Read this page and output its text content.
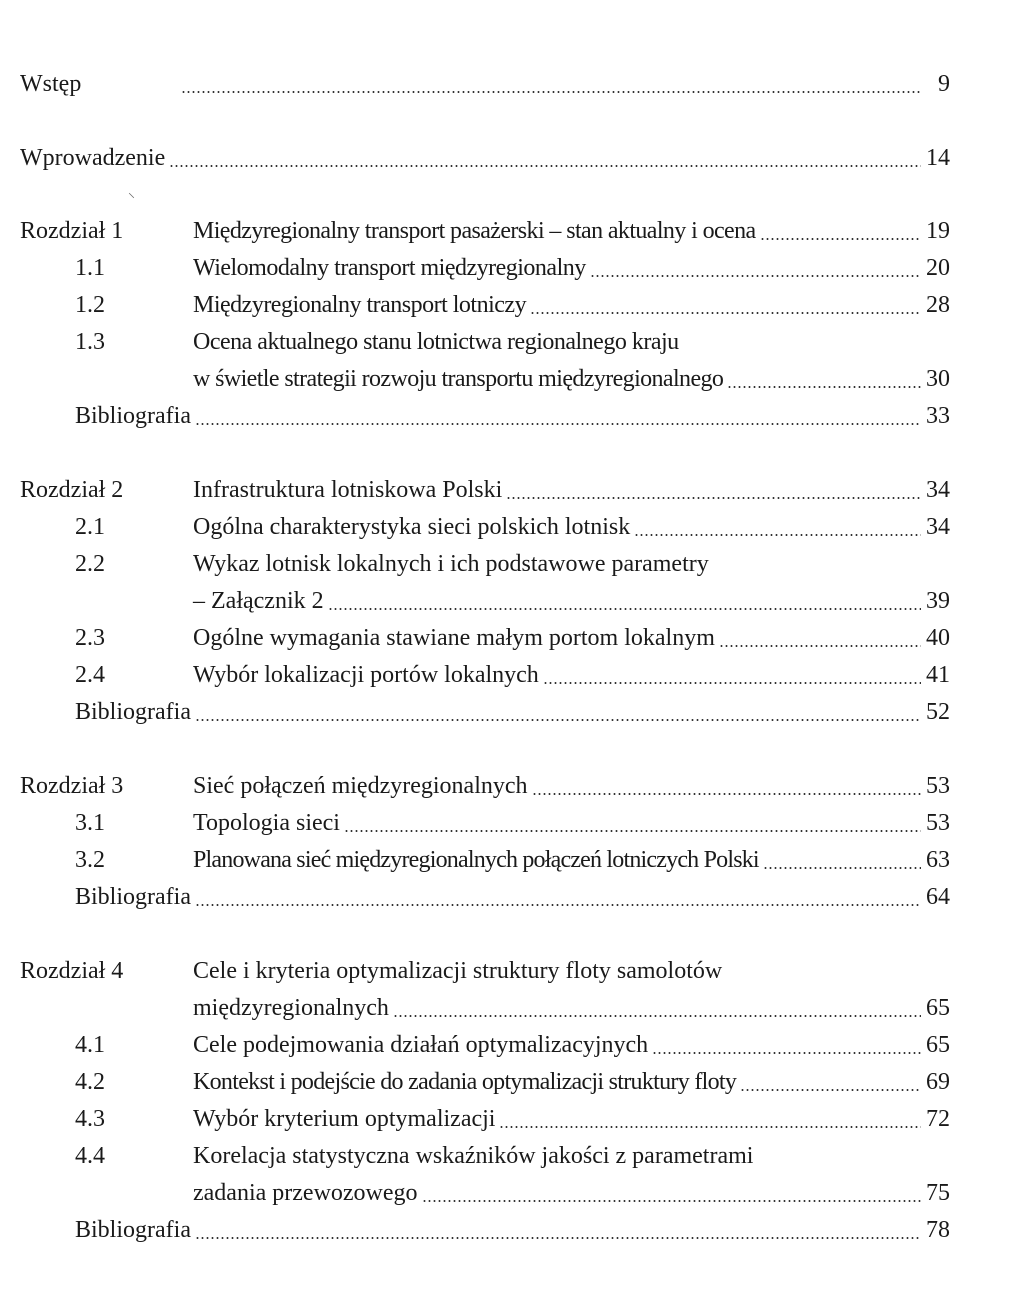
⸜
Wstęp	9
Wprowadzenie	14
Rozdział 1	Międzyregionalny transport pasażerski – stan aktualny i ocena	19
1.1	Wielomodalny transport międzyregionalny	20
1.2	Międzyregionalny transport lotniczy	28
1.3	Ocena aktualnego stanu lotnictwa regionalnego kraju
w świetle strategii rozwoju transportu międzyregionalnego	30
Bibliografia	33
Rozdział 2	Infrastruktura lotniskowa Polski	34
2.1	Ogólna charakterystyka sieci polskich lotnisk	34
2.2	Wykaz lotnisk lokalnych i ich podstawowe parametry
– Załącznik 2	39
2.3	Ogólne wymagania stawiane małym portom lokalnym	40
2.4	Wybór lokalizacji portów lokalnych	41
Bibliografia	52
Rozdział 3	Sieć połączeń międzyregionalnych	53
3.1	Topologia sieci	53
3.2	Planowana sieć międzyregionalnych połączeń lotniczych Polski	63
Bibliografia	64
Rozdział 4	Cele i kryteria optymalizacji struktury floty samolotów
międzyregionalnych	65
4.1	Cele podejmowania działań optymalizacyjnych	65
4.2	Kontekst i podejście do zadania optymalizacji struktury floty	69
4.3	Wybór kryterium optymalizacji	72
4.4	Korelacja statystyczna wskaźników jakości z parametrami
zadania przewozowego	75
Bibliografia	78
